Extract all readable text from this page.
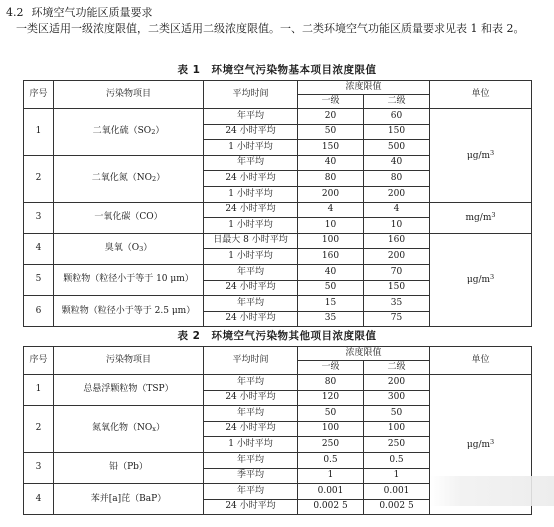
4.2 环境空气功能区质量要求
一类区适用一级浓度限值，二类区适用二级浓度限值。一、二类环境空气功能区质量要求见表 1 和表 2。
表 1　环境空气污染物基本项目浓度限值
序号	污染物项目	平均时间	浓度限值		单位
			一级	二级	
1	二氧化硫（SO2）	年平均	20	60	$\mu g/m^3$
		24 小时平均	50	150	
		1 小时平均	150	500	
2	二氧化氮（NO2）	年平均	40	40	
		24 小时平均	80	80	
		1 小时平均	200	200	
3	一氧化碳（CO）	24 小时平均	4	4	$mg/m^3$
		1 小时平均	10	10	
4	臭氧（O3）	日最大 8 小时平均	100	160	$\mu g/m^3$
		1 小时平均	160	200	
5	颗粒物（粒径小于等于 10 μm）	年平均	40	70	
		24 小时平均	50	150	
6	颗粒物（粒径小于等于 2.5 μm）	年平均	15	35	
		24 小时平均	35	75	
表 2　环境空气污染物其他项目浓度限值
序号	污染物项目	平均时间	浓度限值		单位
			一级	二级	
1	总悬浮颗粒物（TSP）	年平均	80	200	$\mu g/m^3$
		24 小时平均	120	300	
2	氮氧化物（NOx）	年平均	50	50	
		24 小时平均	100	100	
		1 小时平均	250	250	
3	铅（Pb）	年平均	0.5	0.5	
		季平均	1	1	
4	苯并[a]芘（BaP）	年平均	0.001	0.001	
		24 小时平均	0.002 5	0.002 5	
